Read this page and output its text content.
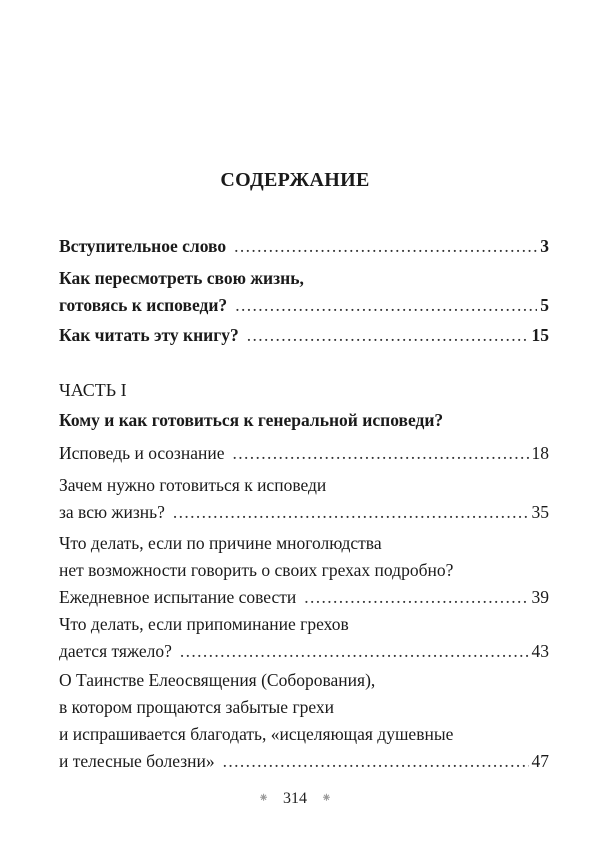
СОДЕРЖАНИЕ
Вступительное слово . . .	3
Как пересмотреть свою жизнь,
готовясь к исповеди? . . .	5
Как читать эту книгу? . . .	15
ЧАСТЬ I
Кому и как готовиться к генеральной исповеди?
Исповедь и осознание . . .	18
Зачем нужно готовиться к исповеди
за всю жизнь? . . .	35
Что делать, если по причине многолюдства
нет возможности говорить о своих грехах подробно?
Ежедневное испытание совести . . .	39
Что делать, если припоминание грехов
дается тяжело? . . .	43
О Таинстве Елеосвящения (Соборования),
в котором прощаются забытые грехи
и испрашивается благодать, «исцеляющая душевные
и телесные болезни» . . .	47
⁕ 314 ⁕
